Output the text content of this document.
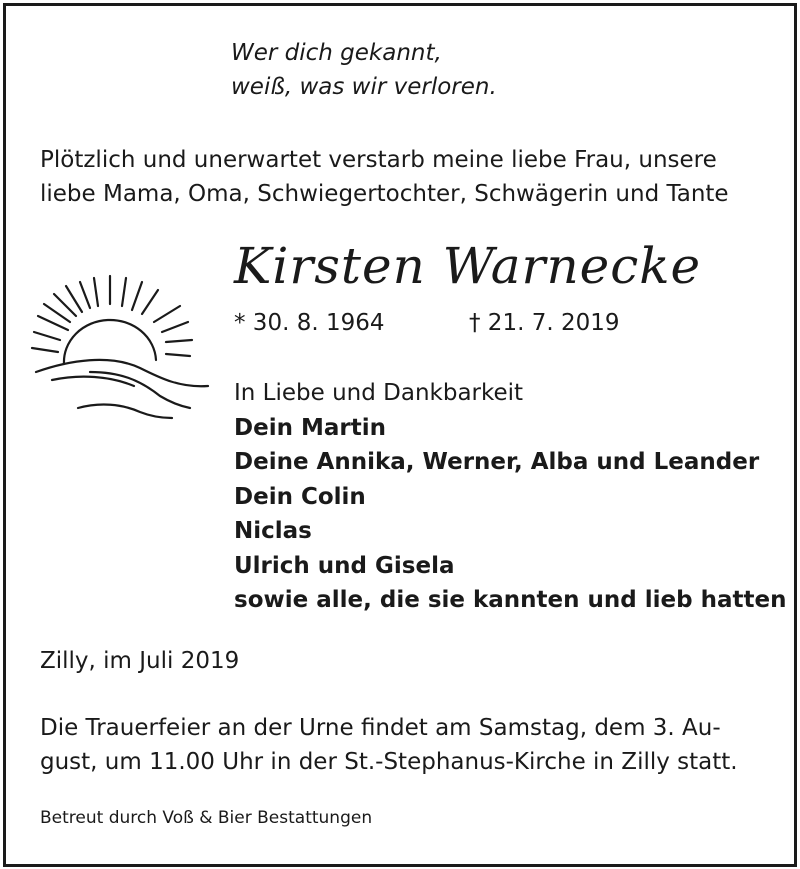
Wer dich gekannt,
weiß, was wir verloren.
Plötzlich und unerwartet verstarb meine liebe Frau, unsere
liebe Mama, Oma, Schwiegertochter, Schwägerin und Tante
Kirsten Warnecke
* 30. 8. 1964	† 21. 7. 2019
In Liebe und Dankbarkeit
Dein Martin
Deine Annika, Werner, Alba und Leander
Dein Colin
Niclas
Ulrich und Gisela
sowie alle, die sie kannten und lieb hatten
Zilly, im Juli 2019
Die Trauerfeier an der Urne findet am Samstag, dem 3. Au-
gust, um 11.00 Uhr in der St.-Stephanus-Kirche in Zilly statt.
Betreut durch Voß & Bier Bestattungen
